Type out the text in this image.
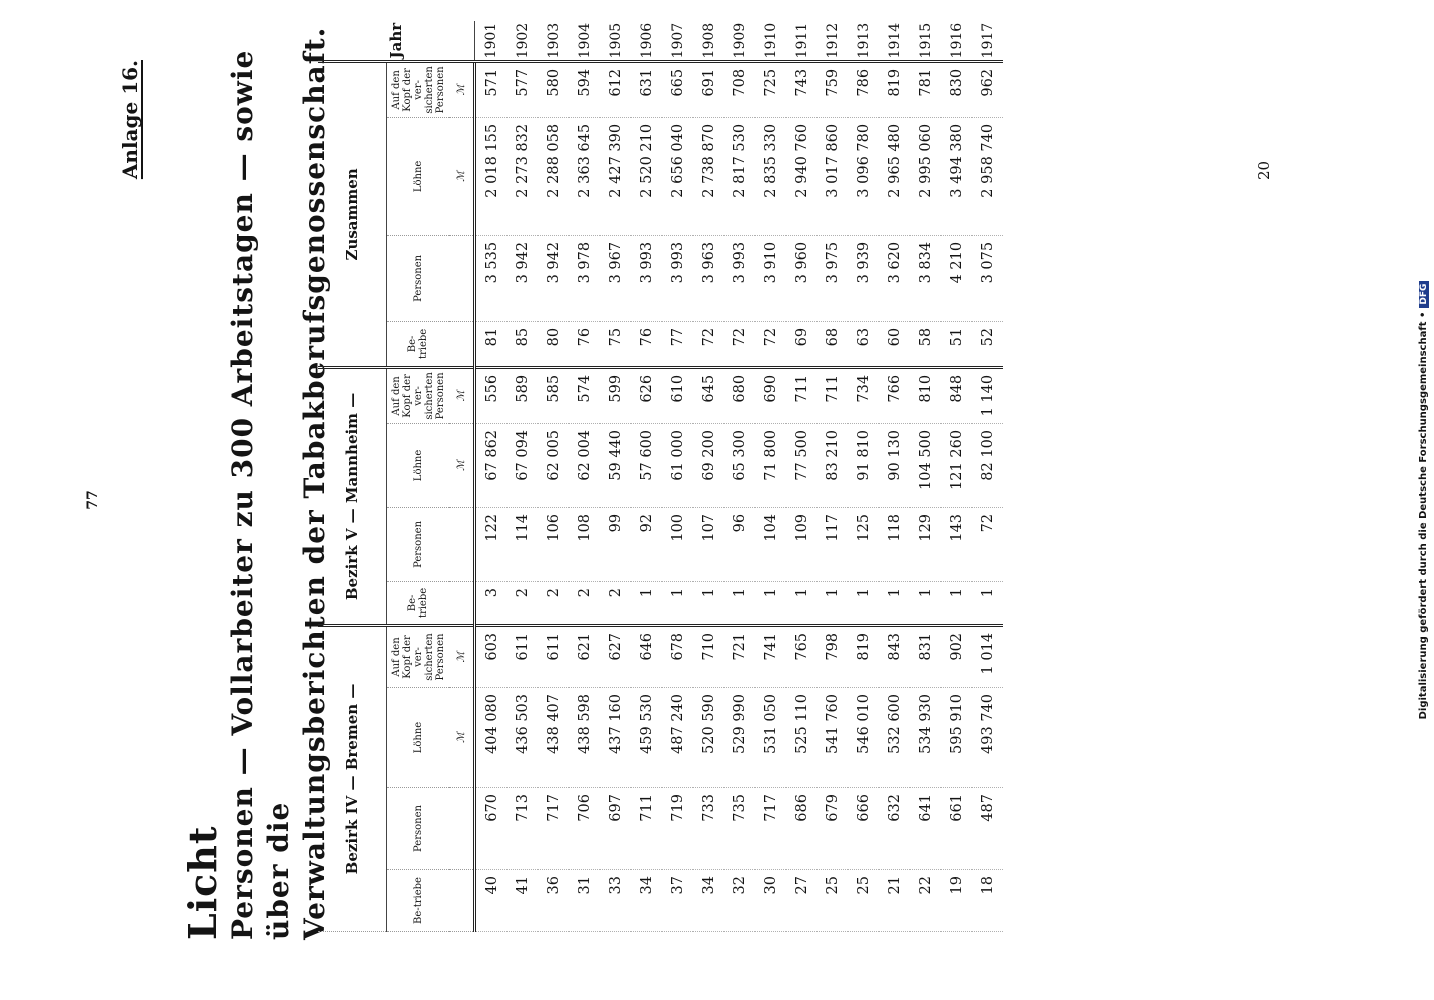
77
Licht Personen — Vollarbeiter zu 300 Arbeitstagen — sowie über die Verwaltungsberichten der Tabakberufsgenossenschaft.
Anlage 16.
Bezirk IV — Bremen —				Bezirk V — Mannheim —				Zusammen				Jahr
Be-triebe	Personen	Löhne	Auf den Kopf der ver-sicherten Personen	Be-triebe	Personen	Löhne	Auf den Kopf der ver-sicherten Personen	Be-triebe	Personen	Löhne	Auf den Kopf der ver-sicherten Personen	
		ℳ	ℳ			ℳ	ℳ			ℳ	ℳ	
40	670	404 080	603	3	122	67 862	556	81	3 535	2 018 155	571	1901
41	713	436 503	611	2	114	67 094	589	85	3 942	2 273 832	577	1902
36	717	438 407	611	2	106	62 005	585	80	3 942	2 288 058	580	1903
31	706	438 598	621	2	108	62 004	574	76	3 978	2 363 645	594	1904
33	697	437 160	627	2	99	59 440	599	75	3 967	2 427 390	612	1905
34	711	459 530	646	1	92	57 600	626	76	3 993	2 520 210	631	1906
37	719	487 240	678	1	100	61 000	610	77	3 993	2 656 040	665	1907
34	733	520 590	710	1	107	69 200	645	72	3 963	2 738 870	691	1908
32	735	529 990	721	1	96	65 300	680	72	3 993	2 817 530	708	1909
30	717	531 050	741	1	104	71 800	690	72	3 910	2 835 330	725	1910
27	686	525 110	765	1	109	77 500	711	69	3 960	2 940 760	743	1911
25	679	541 760	798	1	117	83 210	711	68	3 975	3 017 860	759	1912
25	666	546 010	819	1	125	91 810	734	63	3 939	3 096 780	786	1913
21	632	532 600	843	1	118	90 130	766	60	3 620	2 965 480	819	1914
22	641	534 930	831	1	129	104 500	810	58	3 834	2 995 060	781	1915
19	661	595 910	902	1	143	121 260	848	51	4 210	3 494 380	830	1916
18	487	493 740	1 014	1	72	82 100	1 140	52	3 075	2 958 740	962	1917
20
Digitalisierung gefördert durch die Deutsche Forschungsgemeinschaft •DFG
